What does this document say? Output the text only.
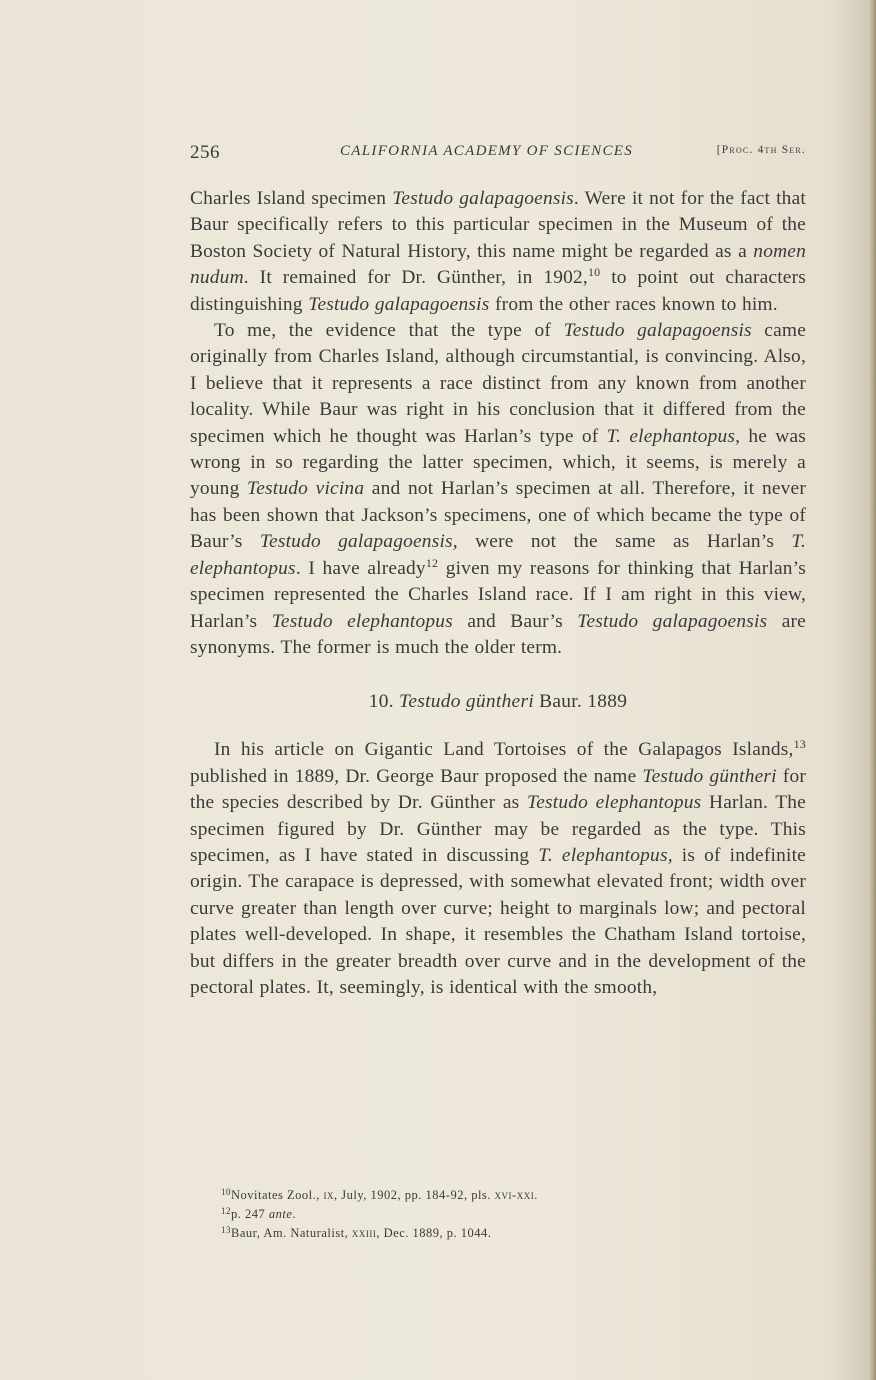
256	CALIFORNIA ACADEMY OF SCIENCES	[Proc. 4th Ser.

Charles Island specimen Testudo galapagoensis. Were it not for the fact that Baur specifically refers to this particular specimen in the Museum of the Boston Society of Natural History, this name might be regarded as a nomen nudum. It remained for Dr. Günther, in 1902,10 to point out characters distinguishing Testudo galapagoensis from the other races known to him.

To me, the evidence that the type of Testudo galapagoensis came originally from Charles Island, although circumstantial, is convincing. Also, I believe that it represents a race distinct from any known from another locality. While Baur was right in his conclusion that it differed from the specimen which he thought was Harlan’s type of T. elephantopus, he was wrong in so regarding the latter specimen, which, it seems, is merely a young Testudo vicina and not Harlan’s specimen at all. Therefore, it never has been shown that Jackson’s specimens, one of which became the type of Baur’s Testudo galapagoensis, were not the same as Harlan’s T. elephantopus. I have already$^{12}$ given my reasons for thinking that Harlan’s specimen represented the Charles Island race. If I am right in this view, Harlan’s Testudo elephantopus and Baur’s Testudo galapagoensis are synonyms. The former is much the older term.

10. Testudo güntheri Baur. 1889

In his article on Gigantic Land Tortoises of the Galapagos Islands,$^{13}$ published in 1889, Dr. George Baur proposed the name Testudo güntheri for the species described by Dr. Günther as Testudo elephantopus Harlan. The specimen figured by Dr. Günther may be regarded as the type. This specimen, as I have stated in discussing T. elephantopus, is of indefinite origin. The carapace is depressed, with somewhat elevated front; width over curve greater than length over curve; height to marginals low; and pectoral plates well-developed. In shape, it resembles the Chatham Island tortoise, but differs in the greater breadth over curve and in the development of the pectoral plates. It, seemingly, is identical with the smooth,

$^{10}$Novitates Zool., ix, July, 1902, pp. 184-92, pls. xvi-xxi.
$^{12}$p. 247 ante.
$^{13}$Baur, Am. Naturalist, xxiii, Dec. 1889, p. 1044.
